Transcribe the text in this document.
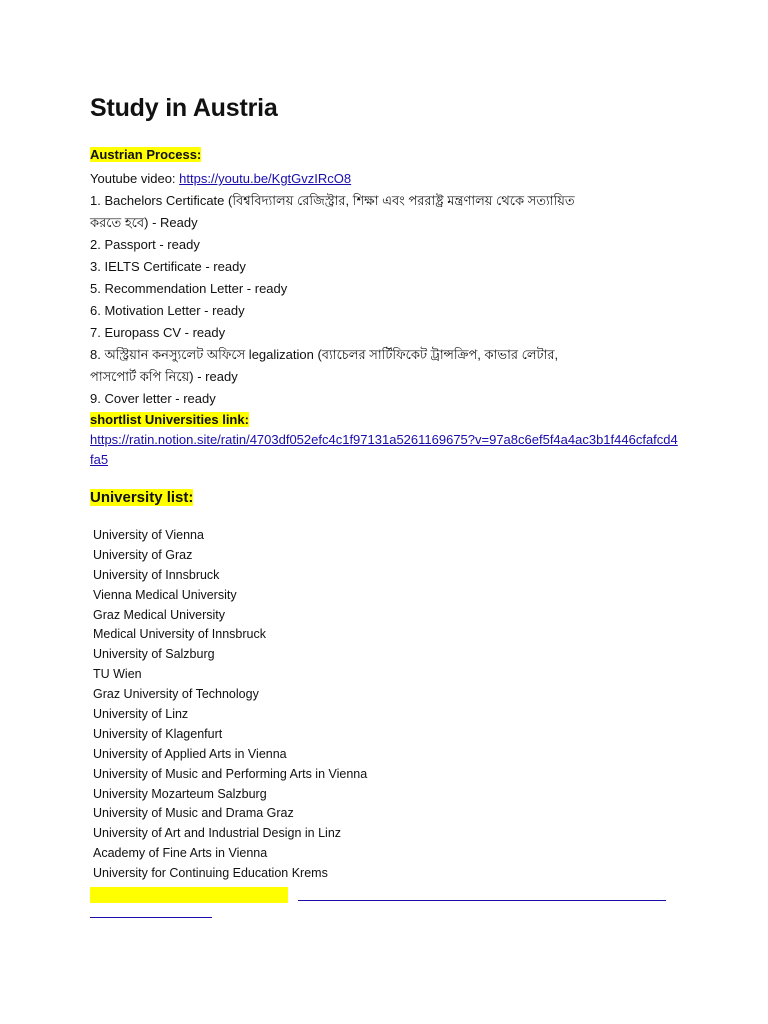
Study in Austria
Austrian Process:
Youtube video: https://youtu.be/KgtGvzIRcO8
1. Bachelors Certificate (বিশ্ববিদ্যালয় রেজিস্ট্রার, শিক্ষা এবং পররাষ্ট্র মন্ত্রণালয় থেকে সত্যায়িত
করতে হবে) - Ready
2. Passport - ready
3. IELTS Certificate - ready
5. Recommendation Letter - ready
6. Motivation Letter - ready
7. Europass CV - ready
8. অস্ট্রিয়ান কনস্যুলেট অফিসে legalization (ব্যাচেলর সার্টিফিকেট ট্রান্সক্রিপ, কাভার লেটার,
পাসপোর্ট কপি নিয়ে) - ready
9. Cover letter - ready
shortlist Universities link:
https://ratin.notion.site/ratin/4703df052efc4c1f97131a5261169675?v=97a8c6ef5f4a4ac3b1f446cfafcd4fa5
University list:
University of Vienna
University of Graz
University of Innsbruck
Vienna Medical University
Graz Medical University
Medical University of Innsbruck
University of Salzburg
TU Wien
Graz University of Technology
University of Linz
University of Klagenfurt
University of Applied Arts in Vienna
University of Music and Performing Arts in Vienna
University Mozarteum Salzburg
University of Music and Drama Graz
University of Art and Industrial Design in Linz
Academy of Fine Arts in Vienna
University for Continuing Education Krems
